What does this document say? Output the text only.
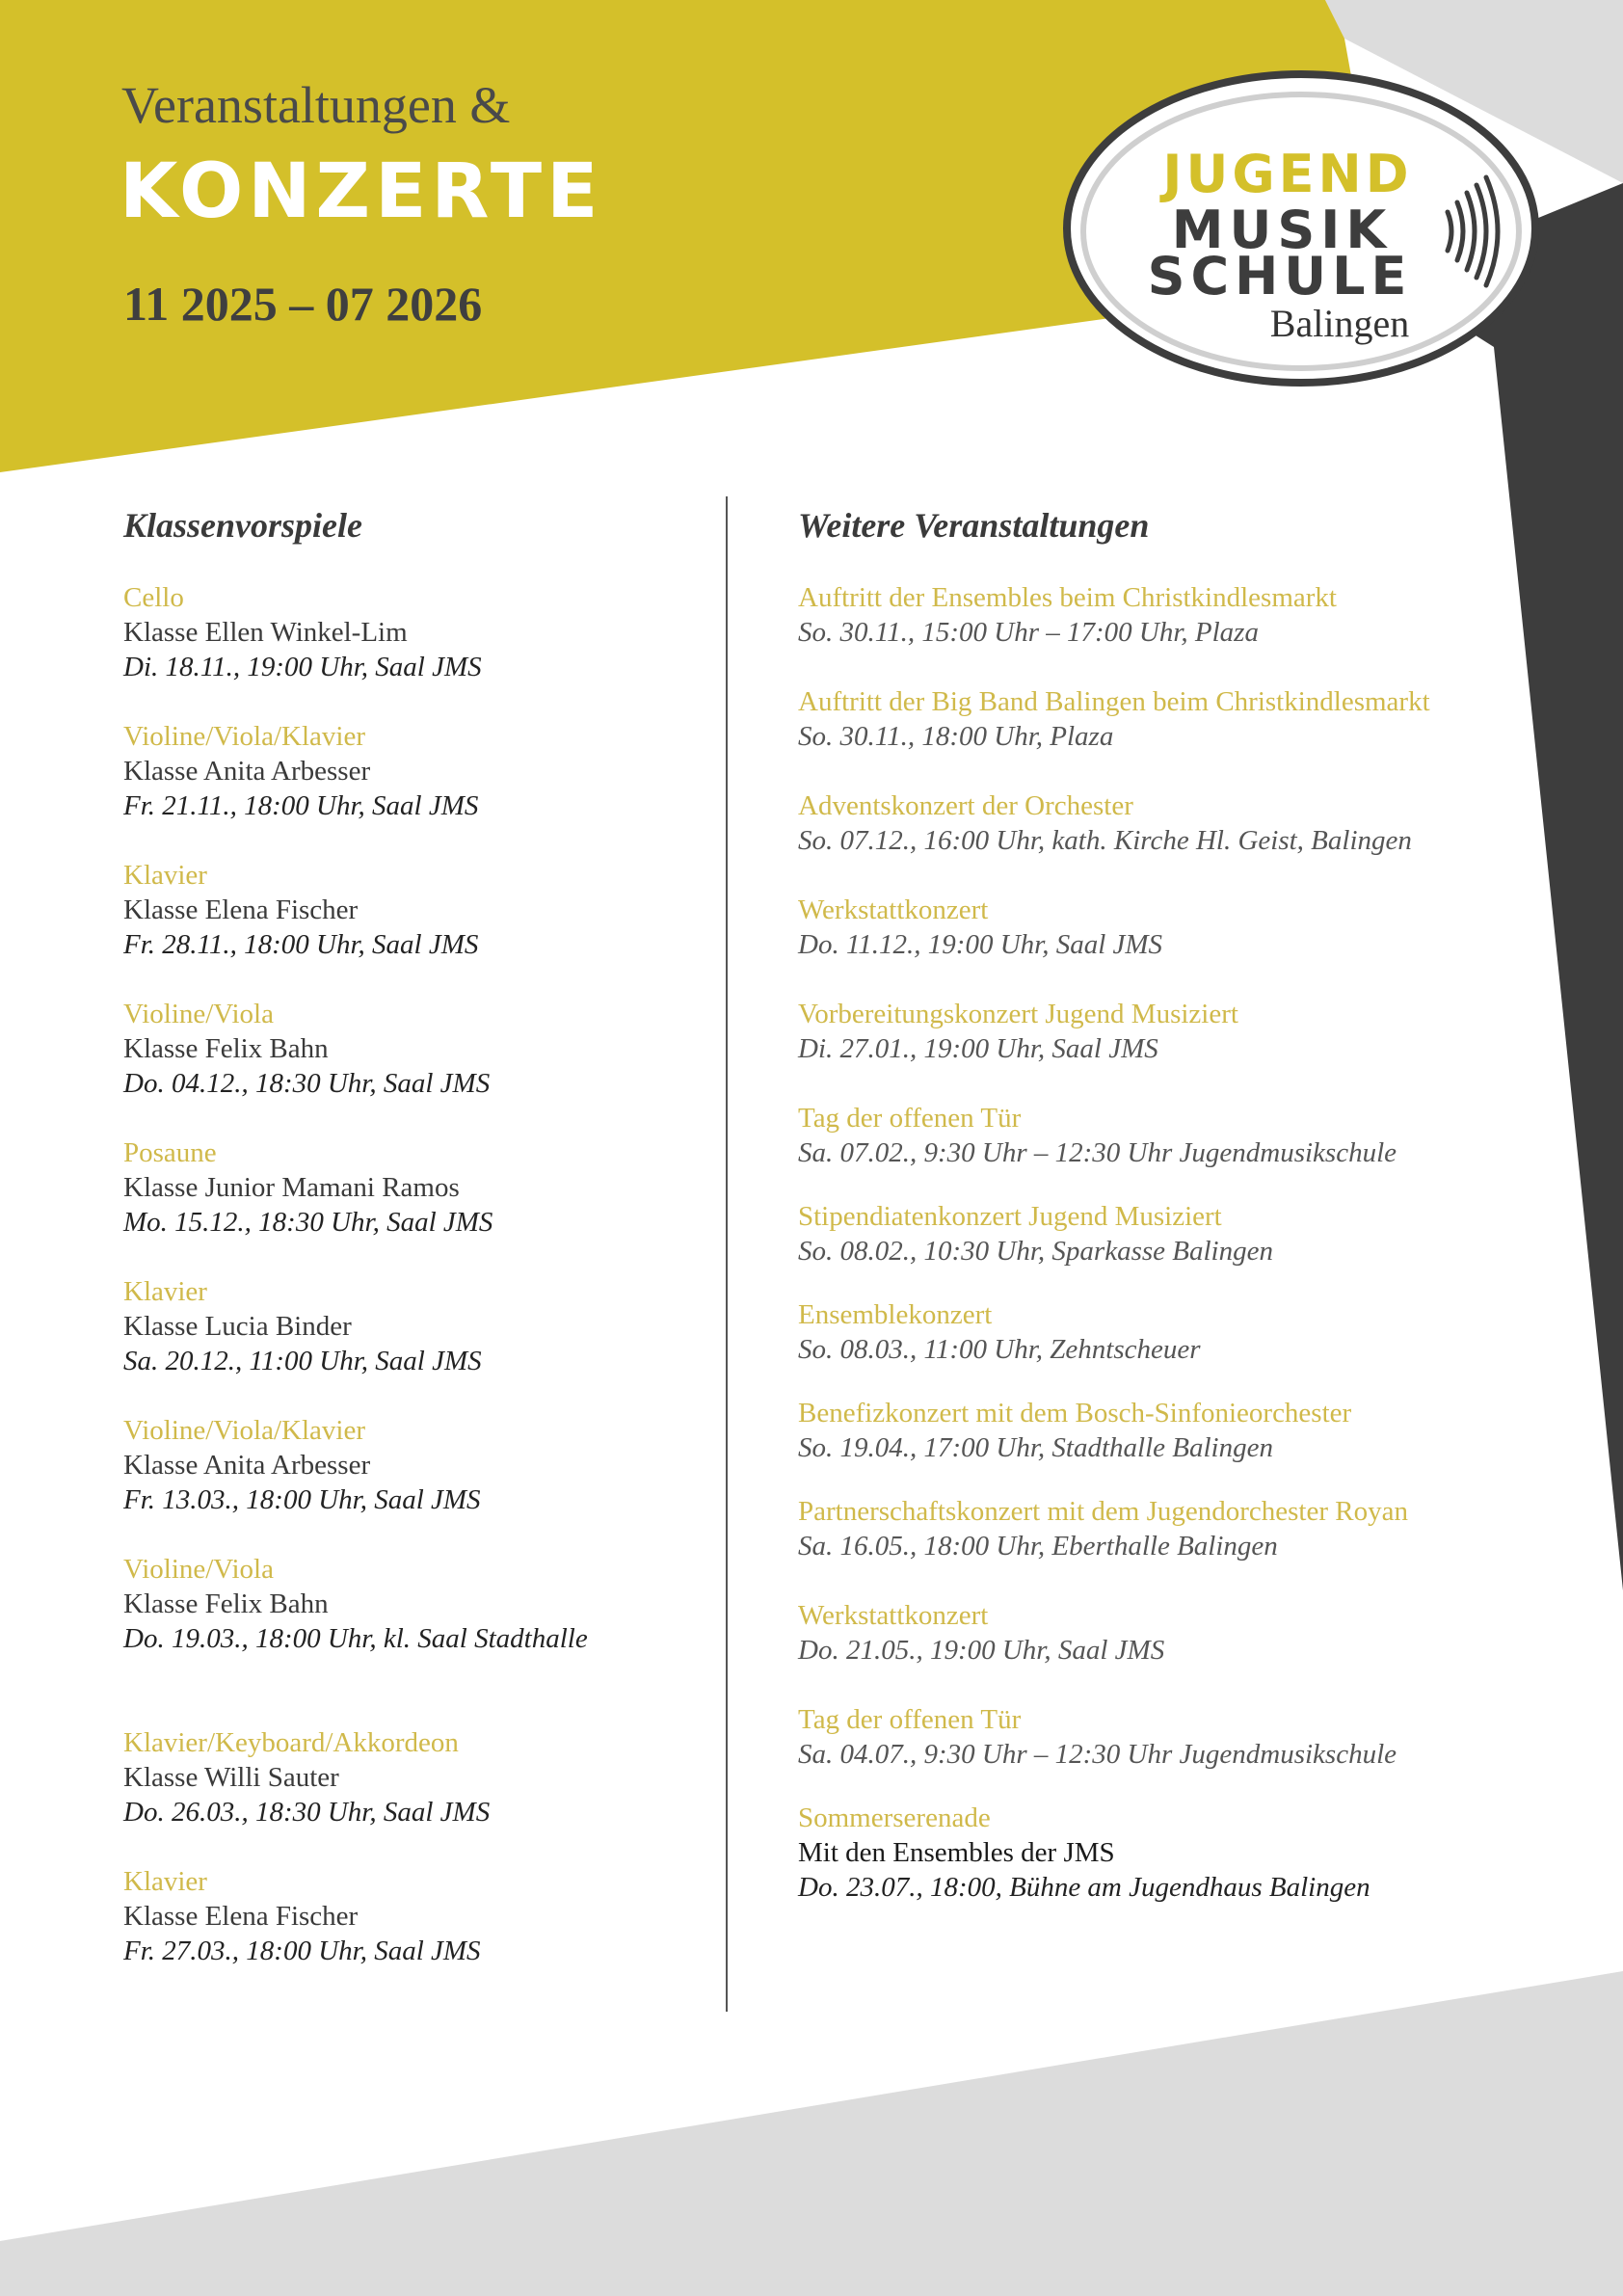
Veranstaltungen &
KONZERTE
11 2025 – 07 2026
JUGEND
MUSIK
SCHULE
Balingen
Klassenvorspiele
Cello
Klasse Ellen Winkel-Lim
Di. 18.11., 19:00 Uhr, Saal JMS
Violine/Viola/Klavier
Klasse Anita Arbesser
Fr. 21.11., 18:00 Uhr, Saal JMS
Klavier
Klasse Elena Fischer
Fr. 28.11., 18:00 Uhr, Saal JMS
Violine/Viola
Klasse Felix Bahn
Do. 04.12., 18:30 Uhr, Saal JMS
Posaune
Klasse Junior Mamani Ramos
Mo. 15.12., 18:30 Uhr, Saal JMS
Klavier
Klasse Lucia Binder
Sa. 20.12., 11:00 Uhr, Saal JMS
Violine/Viola/Klavier
Klasse Anita Arbesser
Fr. 13.03., 18:00 Uhr, Saal JMS
Violine/Viola
Klasse Felix Bahn
Do. 19.03., 18:00 Uhr, kl. Saal Stadthalle
Klavier/Keyboard/Akkordeon
Klasse Willi Sauter
Do. 26.03., 18:30 Uhr, Saal JMS
Klavier
Klasse Elena Fischer
Fr. 27.03., 18:00 Uhr, Saal JMS
Weitere Veranstaltungen
Auftritt der Ensembles beim Christkindlesmarkt
So. 30.11., 15:00 Uhr – 17:00 Uhr, Plaza
Auftritt der Big Band Balingen beim Christkindlesmarkt
So. 30.11., 18:00 Uhr, Plaza
Adventskonzert der Orchester
So. 07.12., 16:00 Uhr, kath. Kirche Hl. Geist, Balingen
Werkstattkonzert
Do. 11.12., 19:00 Uhr, Saal JMS
Vorbereitungskonzert Jugend Musiziert
Di. 27.01., 19:00 Uhr, Saal JMS
Tag der offenen Tür
Sa. 07.02., 9:30 Uhr – 12:30 Uhr Jugendmusikschule
Stipendiatenkonzert Jugend Musiziert
So. 08.02., 10:30 Uhr, Sparkasse Balingen
Ensemblekonzert
So. 08.03., 11:00 Uhr, Zehntscheuer
Benefizkonzert mit dem Bosch-Sinfonieorchester
So. 19.04., 17:00 Uhr, Stadthalle Balingen
Partnerschaftskonzert mit dem Jugendorchester Royan
Sa. 16.05., 18:00 Uhr, Eberthalle Balingen
Werkstattkonzert
Do. 21.05., 19:00 Uhr, Saal JMS
Tag der offenen Tür
Sa. 04.07., 9:30 Uhr – 12:30 Uhr Jugendmusikschule
Sommerserenade
Mit den Ensembles der JMS
Do. 23.07., 18:00, Bühne am Jugendhaus Balingen
